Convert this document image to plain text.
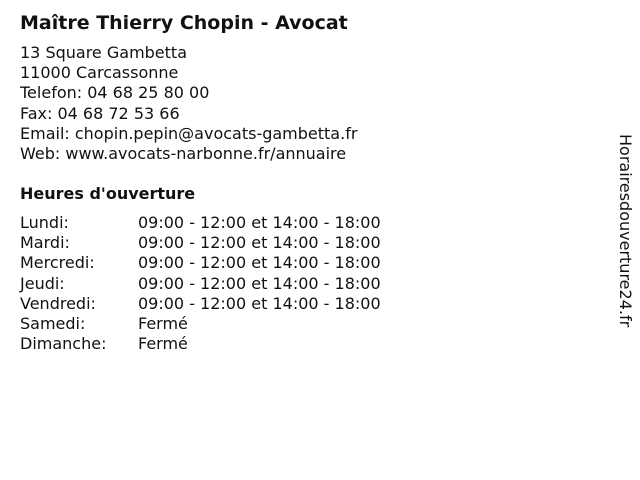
Maître Thierry Chopin - Avocat
13 Square Gambetta
11000 Carcassonne
Telefon: 04 68 25 80 00
Fax: 04 68 72 53 66
Email: chopin.pepin@avocats-gambetta.fr
Web: www.avocats-narbonne.fr/annuaire
Heures d'ouverture
Lundi:	09:00 - 12:00 et 14:00 - 18:00
Mardi:	09:00 - 12:00 et 14:00 - 18:00
Mercredi:	09:00 - 12:00 et 14:00 - 18:00
Jeudi:	09:00 - 12:00 et 14:00 - 18:00
Vendredi:	09:00 - 12:00 et 14:00 - 18:00
Samedi:	Fermé
Dimanche:	Fermé
Horairesdouverture24.fr
